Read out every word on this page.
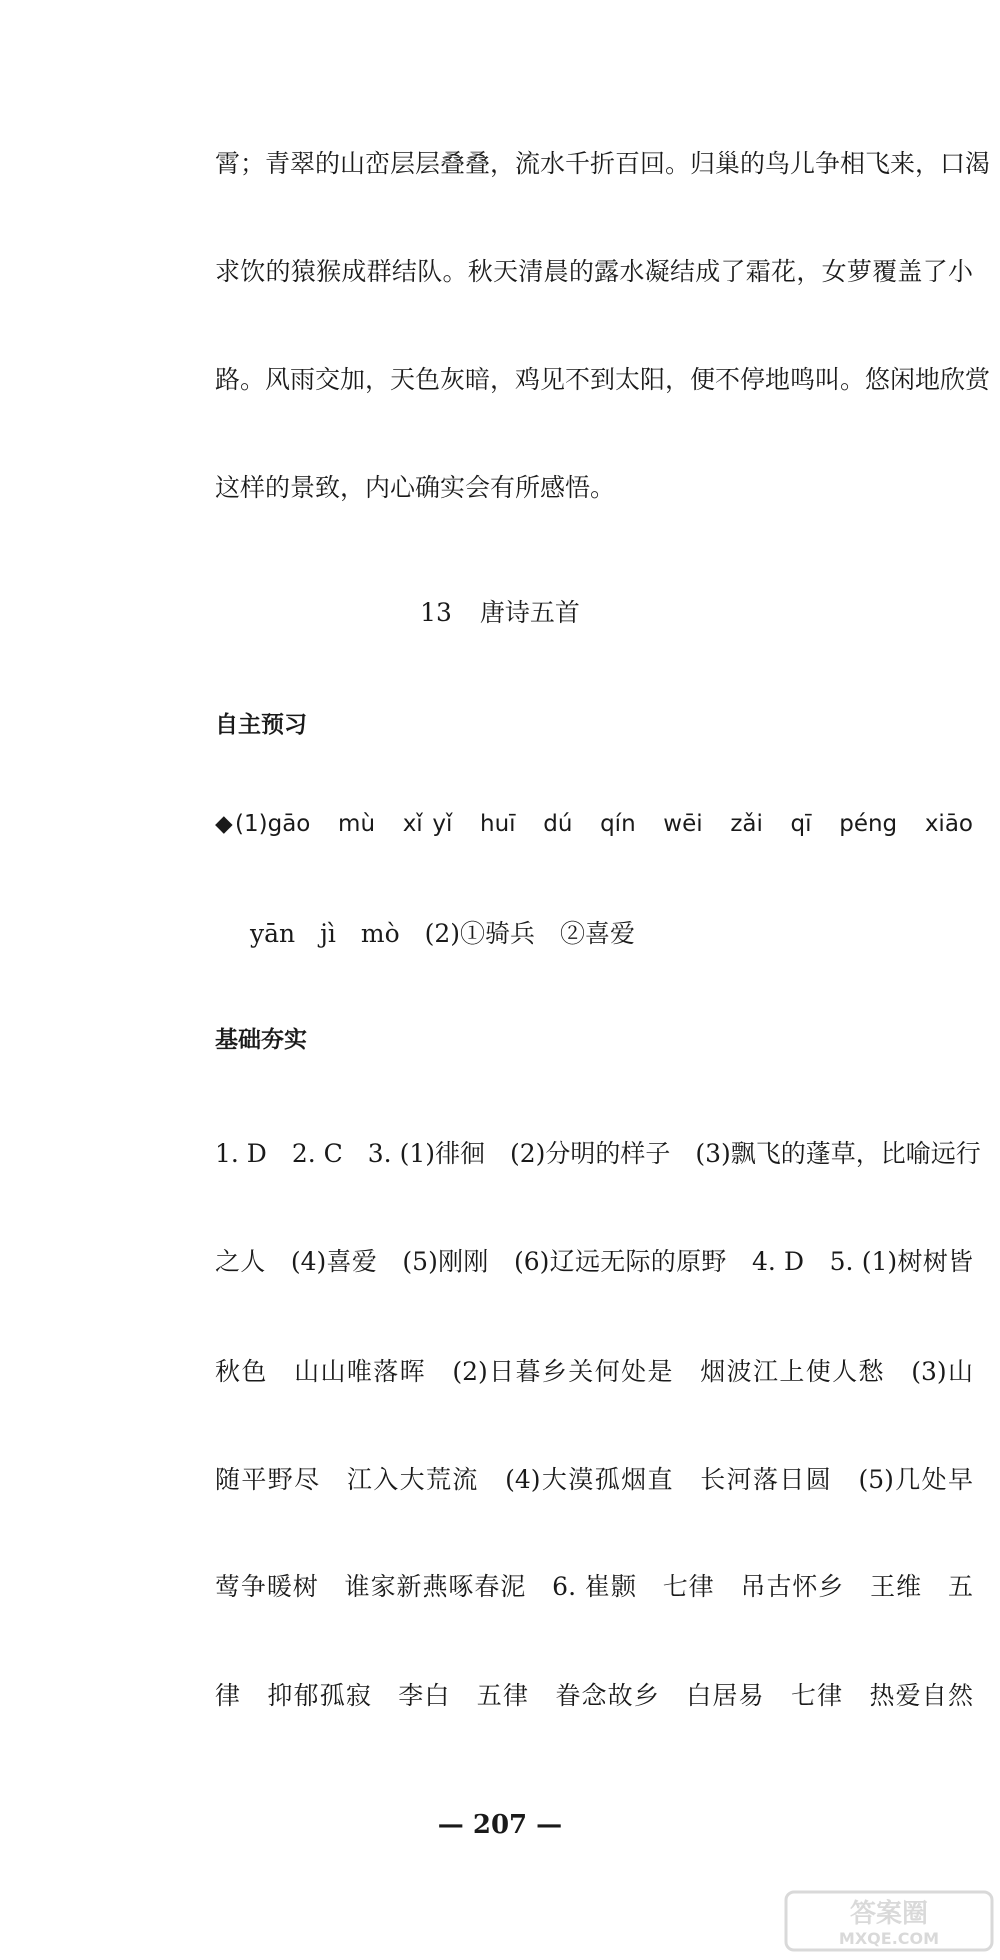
霄；青翠的山峦层层叠叠，流水千折百回。归巢的鸟儿争相飞来，口渴
求饮的猿猴成群结队。秋天清晨的露水凝结成了霜花，女萝覆盖了小
路。风雨交加，天色灰暗，鸡见不到太阳，便不停地鸣叫。悠闲地欣赏
这样的景致，内心确实会有所感悟。
13 唐诗五首
自主预习
◆(1)gāo　mù　xǐ yǐ　huī　dú　qín　wēi　zǎi　qī　péng　xiāo
yān　jì　mò　(2)①骑兵　②喜爱
基础夯实
1. D　2. C　3. (1)徘徊　(2)分明的样子　(3)飘飞的蓬草，比喻远行
之人　(4)喜爱　(5)刚刚　(6)辽远无际的原野　4. D　5. (1)树树皆
秋色　山山唯落晖　(2)日暮乡关何处是　烟波江上使人愁　(3)山
随平野尽　江入大荒流　(4)大漠孤烟直　长河落日圆　(5)几处早
莺争暖树　谁家新燕啄春泥　6. 崔颢　七律　吊古怀乡　王维　五
律　抑郁孤寂　李白　五律　眷念故乡　白居易　七律　热爱自然
— 207 —
答案圈
MXQE.COM
